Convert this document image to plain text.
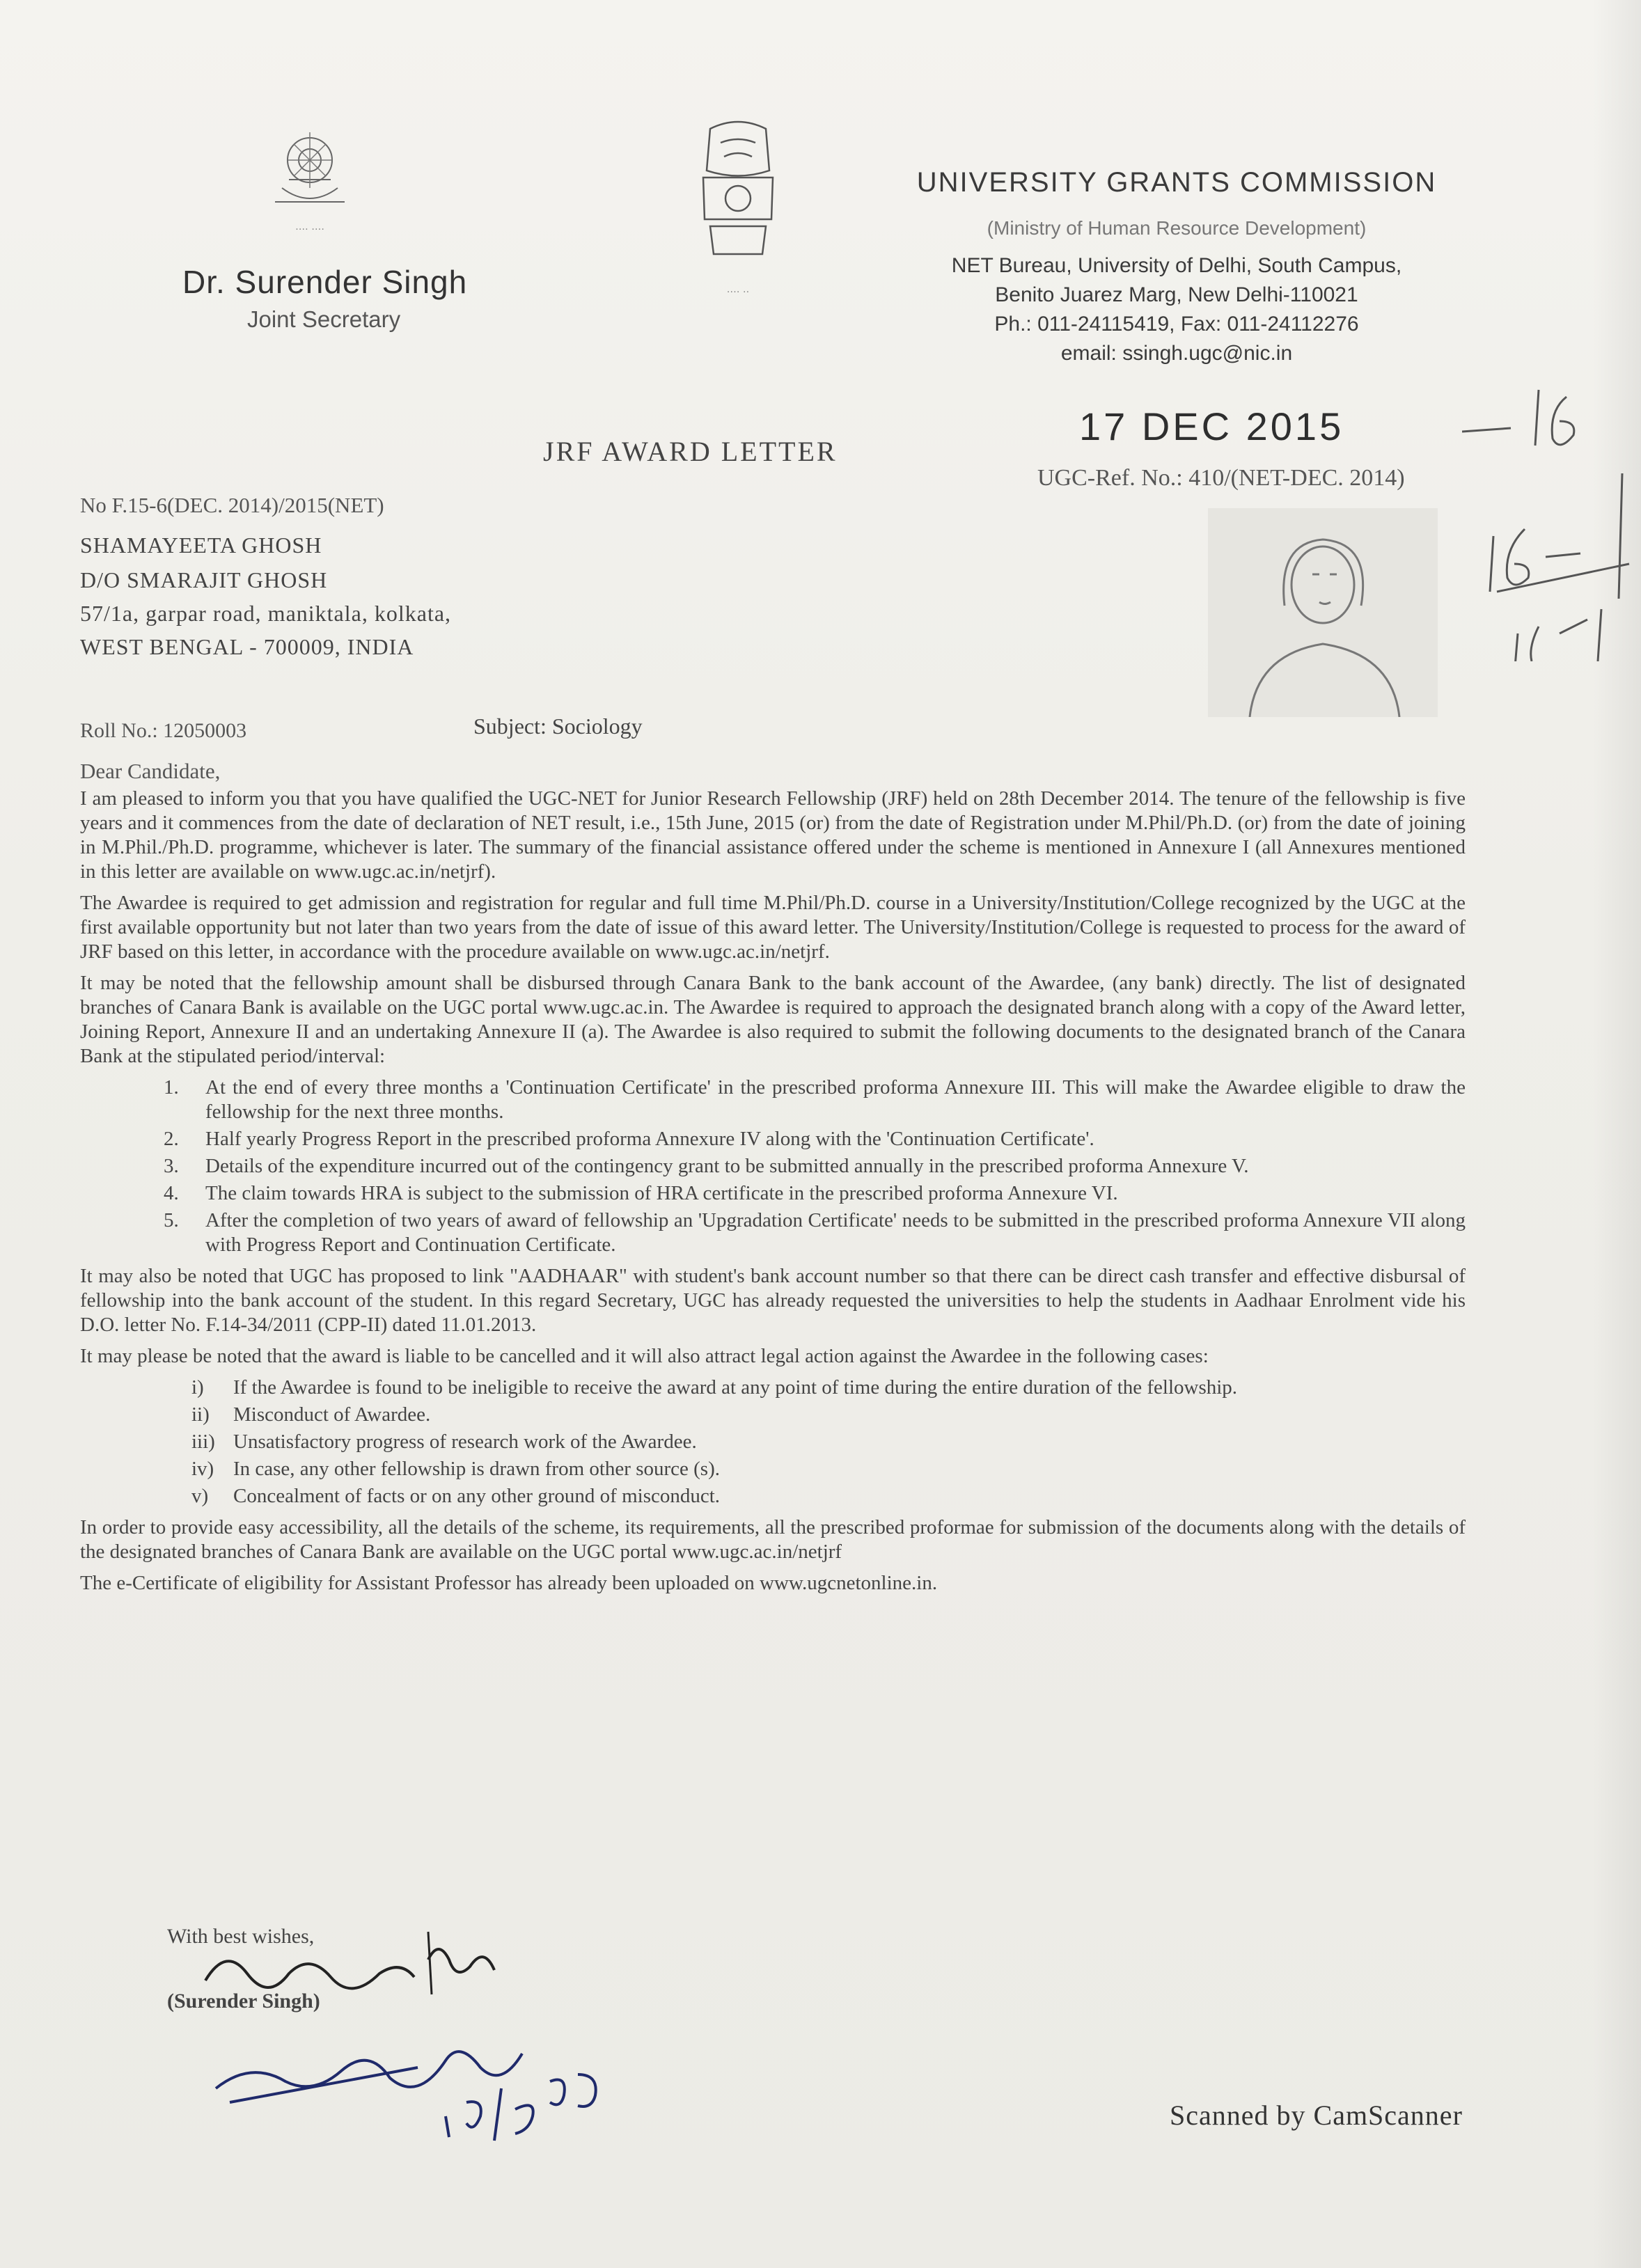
‥‥ ‥‥
‥‥ ‥
Dr. Surender Singh
Joint Secretary
UNIVERSITY GRANTS COMMISSION
(Ministry of Human Resource Development)
NET Bureau, University of Delhi, South Campus,
Benito Juarez Marg, New Delhi-110021
Ph.: 011-24115419, Fax: 011-24112276
email: ssingh.ugc@nic.in
JRF AWARD LETTER
17 DEC 2015
UGC-Ref. No.: 410/(NET-DEC. 2014)
No F.15-6(DEC. 2014)/2015(NET)
SHAMAYEETA GHOSH
D/O SMARAJIT GHOSH
57/1a, garpar road, maniktala, kolkata,
WEST BENGAL - 700009, INDIA
Roll No.: 12050003	Subject: Sociology
Dear Candidate,

I am pleased to inform you that you have qualified the UGC-NET for Junior Research Fellowship (JRF) held on 28th December 2014. The tenure of the fellowship is five years and it commences from the date of declaration of NET result, i.e., 15th June, 2015 (or) from the date of Registration under M.Phil/Ph.D. (or) from the date of joining in M.Phil./Ph.D. programme, whichever is later. The summary of the financial assistance offered under the scheme is mentioned in Annexure I (all Annexures mentioned in this letter are available on www.ugc.ac.in/netjrf).

The Awardee is required to get admission and registration for regular and full time M.Phil/Ph.D. course in a University/Institution/College recognized by the UGC at the first available opportunity but not later than two years from the date of issue of this award letter. The University/Institution/College is requested to process for the award of JRF based on this letter, in accordance with the procedure available on www.ugc.ac.in/netjrf.

It may be noted that the fellowship amount shall be disbursed through Canara Bank to the bank account of the Awardee, (any bank) directly. The list of designated branches of Canara Bank is available on the UGC portal www.ugc.ac.in. The Awardee is required to approach the designated branch along with a copy of the Award letter, Joining Report, Annexure II and an undertaking Annexure II (a). The Awardee is also required to submit the following documents to the designated branch of the Canara Bank at the stipulated period/interval:

1. At the end of every three months a 'Continuation Certificate' in the prescribed proforma Annexure III. This will make the Awardee eligible to draw the fellowship for the next three months.
2. Half yearly Progress Report in the prescribed proforma Annexure IV along with the 'Continuation Certificate'.
3. Details of the expenditure incurred out of the contingency grant to be submitted annually in the prescribed proforma Annexure V.
4. The claim towards HRA is subject to the submission of HRA certificate in the prescribed proforma Annexure VI.
5. After the completion of two years of award of fellowship an 'Upgradation Certificate' needs to be submitted in the prescribed proforma Annexure VII along with Progress Report and Continuation Certificate.

It may also be noted that UGC has proposed to link "AADHAAR" with student's bank account number so that there can be direct cash transfer and effective disbursal of fellowship into the bank account of the student. In this regard Secretary, UGC has already requested the universities to help the students in Aadhaar Enrolment vide his D.O. letter No. F.14-34/2011 (CPP-II) dated 11.01.2013.

It may please be noted that the award is liable to be cancelled and it will also attract legal action against the Awardee in the following cases:

i) If the Awardee is found to be ineligible to receive the award at any point of time during the entire duration of the fellowship.
ii) Misconduct of Awardee.
iii) Unsatisfactory progress of research work of the Awardee.
iv) In case, any other fellowship is drawn from other source (s).
v) Concealment of facts or on any other ground of misconduct.

In order to provide easy accessibility, all the details of the scheme, its requirements, all the prescribed proformae for submission of the documents along with the details of the designated branches of Canara Bank are available on the UGC portal www.ugc.ac.in/netjrf

The e-Certificate of eligibility for Assistant Professor has already been uploaded on www.ugcnetonline.in.

With best wishes,
(Surender Singh)
Scanned by CamScanner
